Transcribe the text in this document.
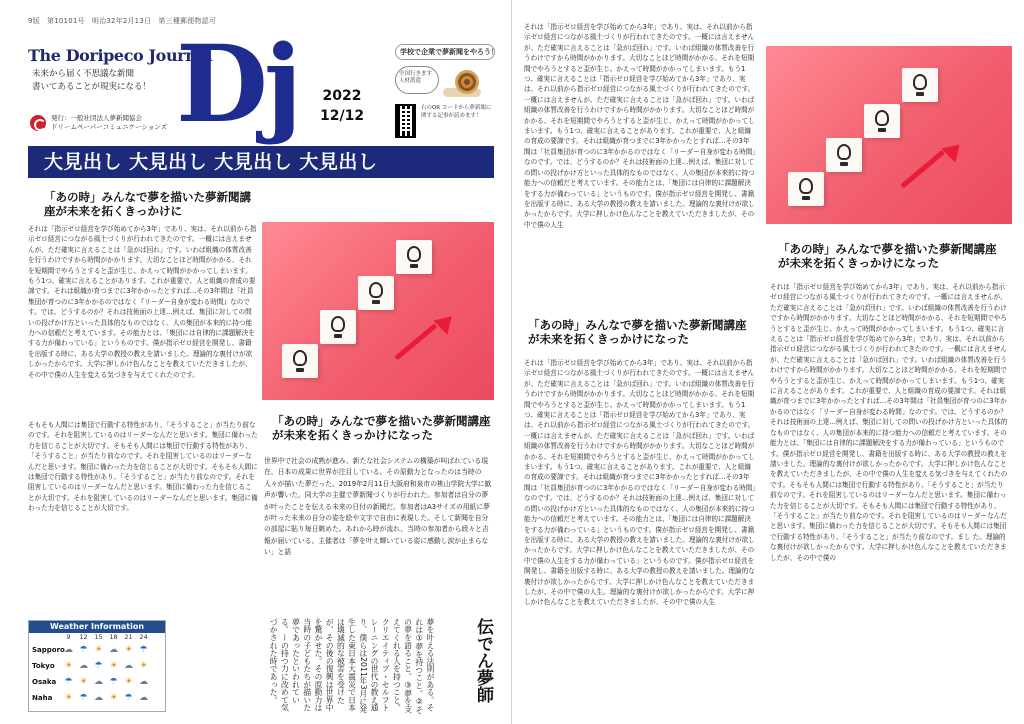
9版　第10101号　明治32年2月13日　第三種郵便物認可
The Doripeco Journal
未来から届く不思議な新聞
書いてあることが現実になる！
発行：一般社団法人夢新聞協会
ドリームペーパーコミュニケーションズ Dj 2022
12/12
学校で企業で夢新聞をやろう！
全国行きます　人材派遣
右のQR コードから夢新聞に関する記事が読めます！
大見出し 大見出し 大見出し 大見出し
「あの時」みんなで夢を描いた夢新聞講座が未来を拓くきっかけに
それは「指示ゼロ経営を学び始めてから3年」であり、実は、それ以前から指示ゼロ経営につながる風土づくりが行われてきたのです。一概には言えませんが、ただ確実に言えることは「急がば回れ」です。いわば組織の体質改善を行うわけですから時間がかかります。大切なことほど時間がかかる、それを短期間でやろうとすると歪が生じ、かえって時間がかかってしまいます。もう1つ、確実に言えることがあります。これが重要で、人と組織の育成の要諦です。それは組織が育つまでに3年かかったとすれば…その3年間は「社員集団が育つのに3年かかるのではなく『リーダー自身が変わる時間』なのです。では、どうするのか？それは技術面の上達…例えば、集団に対しての問いの投げかけ方といった具体的なものではなく、人の集団が本来的に持つ能力への信頼だと考えています。その能力とは、「集団には自律的に課題解決をする力が備わっている」というものです。僕が指示ゼロ経営を開発し、書籍を出版する時に、ある大学の教授の教えを請いました。理論的な裏付けが欲しかったからです。大学に押しかけ色んなことを教えていただきましたが、その中で僕の人生を変える気づきを与えてくれたのです。
そもそも人間には集団で行動する特性があり、「そうすること」が当たり前なのです。それを阻害しているのはリーダーなんだと思います。集団に備わった力を信じることが大切です。そもそも人間には集団で行動する特性があり、「そうすること」が当たり前なのです。それを阻害しているのはリーダーなんだと思います。集団に備わった力を信じることが大切です。そもそも人間には集団で行動する特性があり、「そうすること」が当たり前なのです。それを阻害しているのはリーダーなんだと思います。集団に備わった力を信じることが大切です。それを阻害しているのはリーダーなんだと思います。集団に備わった力を信じることが大切です。
「あの時」みんなで夢を描いた夢新聞講座が未来を拓くきっかけになった
世界中で社会の成熟が進み、新たな社会システムの構築が叫ばれている現在、日本の成果に世界が注目している。その原動力となったのは当時の人々が描いた夢だった。2019年2月11日大阪府和泉市の桃山学院大学に歓声が響いた。同大学の主催で夢新聞づくりが行われた。参加者は自分の夢が叶ったことを伝える未来の日付の新聞だ。参加者はA3サイズの用紙に夢が叶った未来の自分の姿を絵や文字で自由に表現した。そして新聞を自分の部屋に貼り毎日眺めた。あれから時が流れ、当時の参加者から続々と吉報が届いている。主催者は「夢を叶え輝いている姿に感動し涙が止まらない」と語
Weather Information
9	12	15	18	21	24
Sapporo ☁ ☂ ☀ ☁ ☀ ☂
Tokyo	☀ ☁ ☂ ☀ ☁ ☀
Osaka ☂ ☀ ☁ ☂ ☀ ☁
Naha	☀ ☂ ☁ ☀ ☂ ☁	夢を叶える法則がある。それは①夢を持つこと。②その夢を語ること。③夢を支えてくれる人を持つこと。クリエイティブ・セルフトレーニングの世代の教え通り、僕らは2011年3月に発生した東日本大震災で日本は壊滅的な被害を受けたが、その後の復興は世界中を驚かせた。その原動力は当時の子どもたちが描いた夢であったといわれている。ーの持つ力に改めて気づかされた時であった。	伝でん夢師
それは「指示ゼロ経営を学び始めてから3年」であり、実は、それ以前から指示ゼロ経営につながる風土づくりが行われてきたのです。一概には言えませんが、ただ確実に言えることは「急がば回れ」です。いわば組織の体質改善を行うわけですから時間がかかります。大切なことほど時間がかかる、それを短期間でやろうとすると歪が生じ、かえって時間がかかってしまいます。もう1つ、確実に言えることは「指示ゼロ経営を学び始めてから3年」であり、実は、それ以前から指示ゼロ経営につながる風土づくりが行われてきたのです。一概には言えませんが、ただ確実に言えることは「急がば回れ」です。いわば組織の体質改善を行うわけですから時間がかかります。大切なことほど時間がかかる、それを短期間でやろうとすると歪が生じ、かえって時間がかかってしまいます。もう1つ、確実に言えることがあります。これが重要で、人と組織の育成の要諦です。それは組織が育つまでに3年かかったとすれば…その3年間は「社員集団が育つのに3年かかるのではなく「リーダー自身が変わる時間」なのです。では、どうするのか？それは技術面の上達…例えば、集団に対しての問いの投げかけ方といった具体的なものではなく、人の集団が本来的に持つ能力への信頼だと考えています。その能力とは、「集団には自律的に課題解決をする力が備わっている」というものです。僕が指示ゼロ経営を開発し、書籍を出版する時に、ある大学の教授の教えを請いました。理論的な裏付けが欲しかったからです。大学に押しかけ色んなことを教えていただきましたが、その中で僕の人生
「あの時」みんなで夢を描いた夢新聞講座が未来を拓くきっかけになった
それは「指示ゼロ経営を学び始めてから3年」であり、実は、それ以前から指示ゼロ経営につながる風土づくりが行われてきたのです。一概には言えませんが、ただ確実に言えることは「急がば回れ」です。いわば組織の体質改善を行うわけですから時間がかかります。大切なことほど時間がかかる、それを短期間でやろうとすると歪が生じ、かえって時間がかかってしまいます。もう1つ、確実に言えることは「指示ゼロ経営を学び始めてから3年」であり、実は、それ以前から指示ゼロ経営につながる風土づくりが行われてきたのです。一概には言えませんが、ただ確実に言えることは「急がば回れ」です。いわば組織の体質改善を行うわけですから時間がかかります。大切なことほど時間がかかる、それを短期間でやろうとすると歪が生じ、かえって時間がかかってしまいます。もう1つ、確実に言えることがあります。これが重要で、人と組織の育成の要諦です。それは組織が育つまでに3年かかったとすれば…その3年間は「社員集団が育つのに3年かかるのではなく「リーダー自身が変わる時間」なのです。では、どうするのか？それは技術面の上達…例えば、集団に対しての問いの投げかけ方といった具体的なものではなく、人の集団が本来的に持つ能力への信頼だと考えています。その能力とは、「集団には自律的に課題解決をする力が備わっている」というものです。僕が指示ゼロ経営を開発し、書籍を出版する時に、ある大学の教授の教えを請いました。理論的な裏付けが欲しかったからです。大学に押しかけ色んなことを教えていただきましたが、その中で僕の人生をする力が備わっている」というものです。僕が指示ゼロ経営を開発し、書籍を出版する時に、ある大学の教授の教えを請いました。理論的な裏付けが欲しかったからです。大学に押しかけ色んなことを教えていただきましたが、その中で僕の人生。理論的な裏付けが欲しかったからです。大学に押しかけ色んなことを教えていただきましたが、その中で僕の人生
「あの時」みんなで夢を描いた夢新聞講座が未来を拓くきっかけになった
それは「指示ゼロ経営を学び始めてから3年」であり、実は、それ以前から指示ゼロ経営につながる風土づくりが行われてきたのです。一概には言えませんが、ただ確実に言えることは「急がば回れ」です。いわば組織の体質改善を行うわけですから時間がかかります。大切なことほど時間がかかる、それを短期間でやろうとすると歪が生じ、かえって時間がかかってしまいます。もう1つ、確実に言えることは「指示ゼロ経営を学び始めてから3年」であり、実は、それ以前から指示ゼロ経営につながる風土づくりが行われてきたのです。一概には言えませんが、ただ確実に言えることは「急がば回れ」です。いわば組織の体質改善を行うわけですから時間がかかります。大切なことほど時間がかかる、それを短期間でやろうとすると歪が生じ、かえって時間がかかってしまいます。もう1つ、確実に言えることがあります。これが重要で、人と組織の育成の要諦です。それは組織が育つまでに3年かかったとすれば…その3年間は「社員集団が育つのに3年かかるのではなく「リーダー自身が変わる時間」なのです。では、どうするのか？それは技術面の上達…例えば、集団に対しての問いの投げかけ方といった具体的なものではなく、人の集団が本来的に持つ能力への信頼だと考えています。その能力とは、「集団には自律的に課題解決をする力が備わっている」というものです。僕が指示ゼロ経営を開発し、書籍を出版する時に、ある大学の教授の教えを請いました。理論的な裏付けが欲しかったからです。大学に押しかけ色んなことを教えていただきましたが、その中で僕の人生を変える気づきを与えてくれたのです。そもそも人間には集団で行動する特性があり、「そうすること」が当たり前なのです。それを阻害しているのはリーダーなんだと思います。集団に備わった力を信じることが大切です。そもそも人間には集団で行動する特性があり、「そうすること」が当たり前なのです。それを阻害しているのはリーダーなんだと思います。集団に備わった力を信じることが大切です。そもそも人間には集団で行動する特性があり、「そうすること」が当たり前なのです。まし た。理論的な裏付けが欲しかったからです。大学に押しかけ色んなことを教えていただきましたが、その中で僕の
